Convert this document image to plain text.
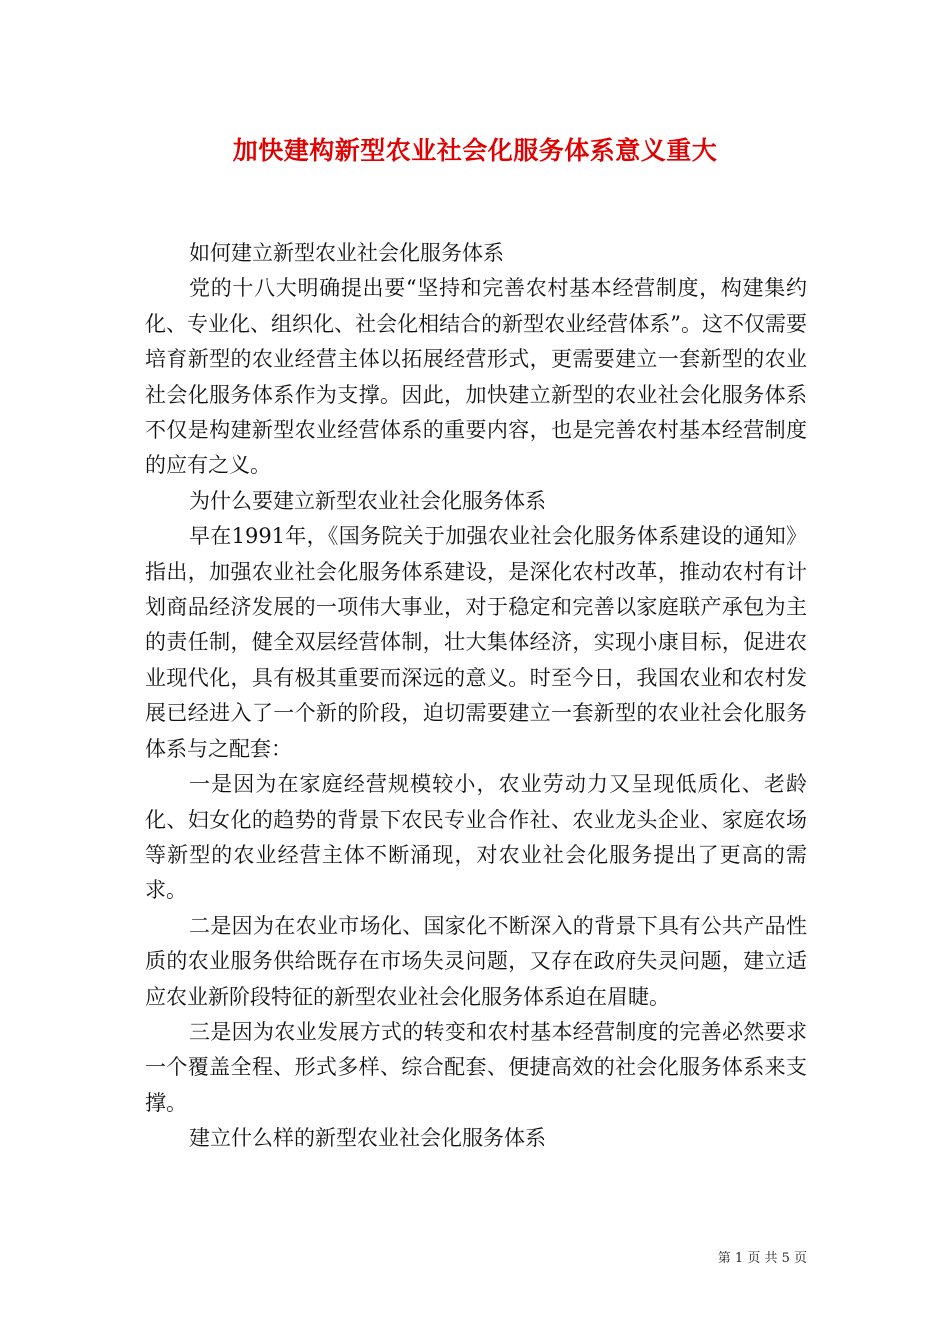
加快建构新型农业社会化服务体系意义重大

如何建立新型农业社会化服务体系

党的十八大明确提出要“坚持和完善农村基本经营制度，构建集约化、专业化、组织化、社会化相结合的新型农业经营体系”。这不仅需要培育新型的农业经营主体以拓展经营形式，更需要建立一套新型的农业社会化服务体系作为支撑。因此，加快建立新型的农业社会化服务体系不仅是构建新型农业经营体系的重要内容，也是完善农村基本经营制度的应有之义。

为什么要建立新型农业社会化服务体系

早在1991年，《国务院关于加强农业社会化服务体系建设的通知》指出，加强农业社会化服务体系建设，是深化农村改革，推动农村有计划商品经济发展的一项伟大事业，对于稳定和完善以家庭联产承包为主的责任制，健全双层经营体制，壮大集体经济，实现小康目标，促进农业现代化，具有极其重要而深远的意义。时至今日，我国农业和农村发展已经进入了一个新的阶段，迫切需要建立一套新型的农业社会化服务体系与之配套：

一是因为在家庭经营规模较小，农业劳动力又呈现低质化、老龄化、妇女化的趋势的背景下农民专业合作社、农业龙头企业、家庭农场等新型的农业经营主体不断涌现，对农业社会化服务提出了更高的需求。

二是因为在农业市场化、国家化不断深入的背景下具有公共产品性质的农业服务供给既存在市场失灵问题，又存在政府失灵问题，建立适应农业新阶段特征的新型农业社会化服务体系迫在眉睫。

三是因为农业发展方式的转变和农村基本经营制度的完善必然要求一个覆盖全程、形式多样、综合配套、便捷高效的社会化服务体系来支撑。

建立什么样的新型农业社会化服务体系

第 1 页 共 5 页
